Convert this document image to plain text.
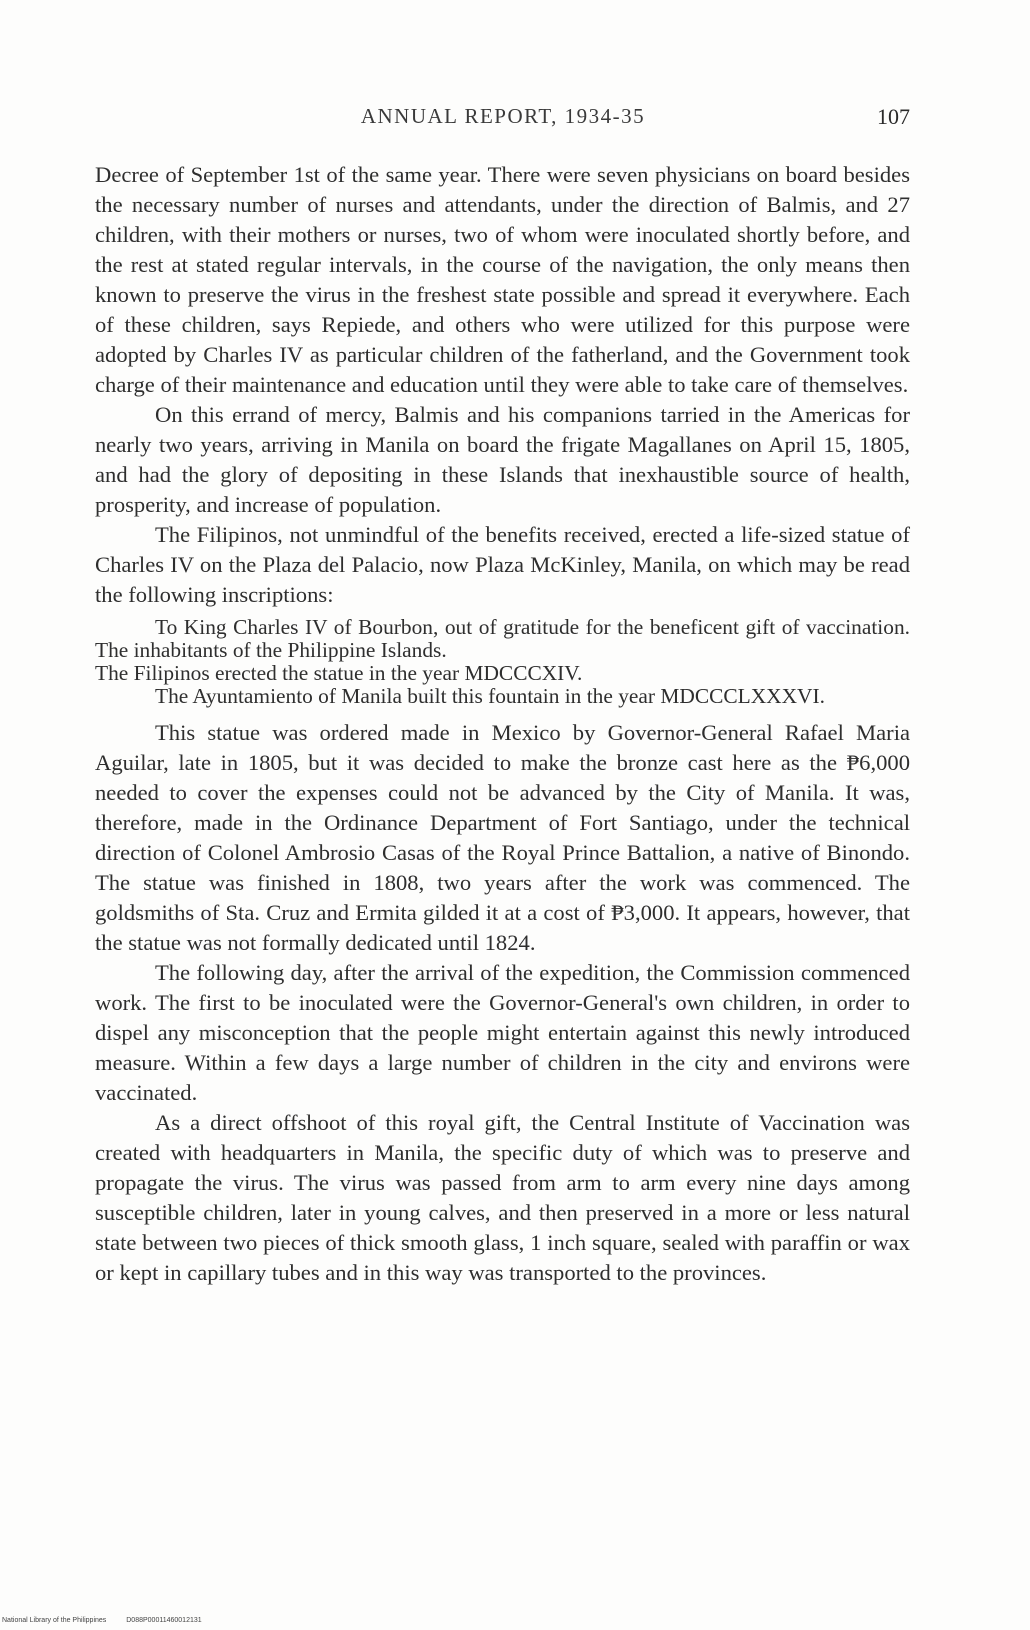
ANNUAL REPORT, 1934-35	107

Decree of September 1st of the same year. There were seven physicians on board besides the necessary number of nurses and attendants, under the direction of Balmis, and 27 children, with their mothers or nurses, two of whom were inoculated shortly before, and the rest at stated regular intervals, in the course of the navigation, the only means then known to preserve the virus in the freshest state possible and spread it everywhere. Each of these children, says Repiede, and others who were utilized for this purpose were adopted by Charles IV as particular children of the fatherland, and the Government took charge of their maintenance and education until they were able to take care of themselves.

On this errand of mercy, Balmis and his companions tarried in the Americas for nearly two years, arriving in Manila on board the frigate Magallanes on April 15, 1805, and had the glory of depositing in these Islands that inexhaustible source of health, prosperity, and increase of population.

The Filipinos, not unmindful of the benefits received, erected a life-sized statue of Charles IV on the Plaza del Palacio, now Plaza McKinley, Manila, on which may be read the following inscriptions:

To King Charles IV of Bourbon, out of gratitude for the beneficent gift of vaccination. The inhabitants of the Philippine Islands.

The Filipinos erected the statue in the year MDCCCXIV.

The Ayuntamiento of Manila built this fountain in the year MDCCCLXXXVI.

This statue was ordered made in Mexico by Governor-General Rafael Maria Aguilar, late in 1805, but it was decided to make the bronze cast here as the ₱6,000 needed to cover the expenses could not be advanced by the City of Manila. It was, therefore, made in the Ordinance Department of Fort Santiago, under the technical direction of Colonel Ambrosio Casas of the Royal Prince Battalion, a native of Binondo. The statue was finished in 1808, two years after the work was commenced. The goldsmiths of Sta. Cruz and Ermita gilded it at a cost of ₱3,000. It appears, however, that the statue was not formally dedicated until 1824.

The following day, after the arrival of the expedition, the Commission commenced work. The first to be inoculated were the Governor-General's own children, in order to dispel any misconception that the people might entertain against this newly introduced measure. Within a few days a large number of children in the city and environs were vaccinated.

As a direct offshoot of this royal gift, the Central Institute of Vaccination was created with headquarters in Manila, the specific duty of which was to preserve and propagate the virus. The virus was passed from arm to arm every nine days among susceptible children, later in young calves, and then preserved in a more or less natural state between two pieces of thick smooth glass, 1 inch square, sealed with paraffin or wax or kept in capillary tubes and in this way was transported to the provinces.

National Library of the Philippines	D088P00011460012131
